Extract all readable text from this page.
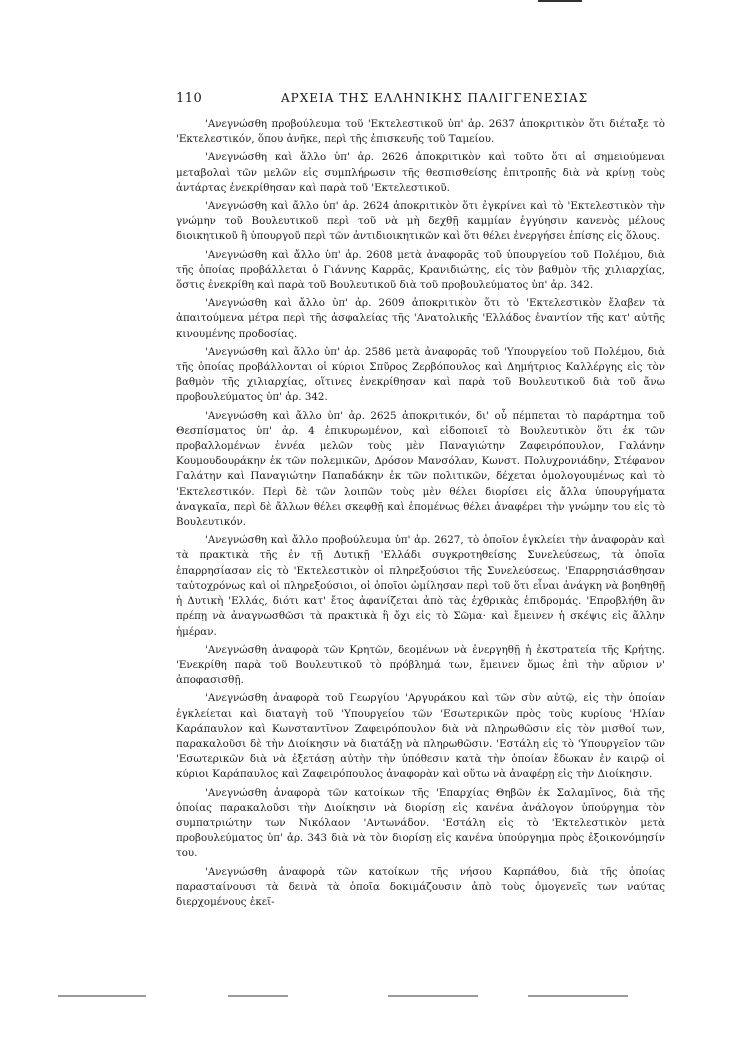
110	ΑΡΧΕΙΑ ΤΗΣ ΕΛΛΗΝΙΚΗΣ ΠΑΛΙΓΓΕΝΕΣΙΑΣ

'Ανεγνώσθη προβούλευμα τοῦ 'Εκτελεστικοῦ ὑπ' ἀρ. 2637 ἀποκριτικὸν ὅτι διέταξε τὸ 'Εκτελεστικόν, ὅπου ἀνῆκε, περὶ τῆς ἐπισκευῆς τοῦ Ταμείου.

'Ανεγνώσθη καὶ ἄλλο ὑπ' ἀρ. 2626 ἀποκριτικὸν καὶ τοῦτο ὅτι αἱ σημειούμεναι μεταβολαὶ τῶν μελῶν εἰς συμπλήρωσιν τῆς θεσπισθείσης ἐπιτροπῆς διὰ νὰ κρίνῃ τοὺς ἀντάρτας ἐνεκρίθησαν καὶ παρὰ τοῦ 'Εκτελεστικοῦ.

'Ανεγνώσθη καὶ ἄλλο ὑπ' ἀρ. 2624 ἀποκριτικὸν ὅτι ἐγκρίνει καὶ τὸ 'Εκτελεστικὸν τὴν γνώμην τοῦ Βουλευτικοῦ περὶ τοῦ νὰ μὴ δεχθῇ καμμίαν ἐγγύησιν κανενὸς μέλους διοικητικοῦ ἢ ὑπουργοῦ περὶ τῶν ἀντιδιοικητικῶν καὶ ὅτι θέλει ἐνεργήσει ἐπίσης εἰς ὅλους.

'Ανεγνώσθη καὶ ἄλλο ὑπ' ἀρ. 2608 μετὰ ἀναφορᾶς τοῦ ὑπουργείου τοῦ Πολέμου, διὰ τῆς ὁποίας προβάλλεται ὁ Γιάννης Καρρᾶς, Κρανιδιώτης, εἰς τὸν βαθμὸν τῆς χιλιαρχίας, ὅστις ἐνεκρίθη καὶ παρὰ τοῦ Βουλευτικοῦ διὰ τοῦ προβουλεύματος ὑπ' ἀρ. 342.

'Ανεγνώσθη καὶ ἄλλο ὑπ' ἀρ. 2609 ἀποκριτικὸν ὅτι τὸ 'Εκτελεστικὸν ἔλαβεν τὰ ἀπαιτούμενα μέτρα περὶ τῆς ἀσφαλείας τῆς 'Ανατολικῆς 'Ελλάδος ἐναντίον τῆς κατ' αὐτῆς κινουμένης προδοσίας.

'Ανεγνώσθη καὶ ἄλλο ὑπ' ἀρ. 2586 μετὰ ἀναφορᾶς τοῦ 'Υπουργείου τοῦ Πολέμου, διὰ τῆς ὁποίας προβάλλονται οἱ κύριοι Σπῦρος Ζερβόπουλος καὶ Δημήτριος Καλλέργης εἰς τὸν βαθμὸν τῆς χιλιαρχίας, οἵτινες ἐνεκρίθησαν καὶ παρὰ τοῦ Βουλευτικοῦ διὰ τοῦ ἄνω προβουλεύματος ὑπ' ἀρ. 342.

'Ανεγνώσθη καὶ ἄλλο ὑπ' ἀρ. 2625 ἀποκριτικόν, δι' οὗ πέμπεται τὸ παράρτημα τοῦ Θεσπίσματος ὑπ' ἀρ. 4 ἐπικυρωμένον, καὶ εἰδοποιεῖ τὸ Βουλευτικὸν ὅτι ἐκ τῶν προβαλλομένων ἐννέα μελῶν τοὺς μὲν Παναγιώτην Ζαφειρόπουλον, Γαλάνην Κουμουδουράκην ἐκ τῶν πολεμικῶν, Δρόσον Μανσόλαν, Κωνστ. Πολυχρονιάδην, Στέφανον Γαλάτην καὶ Παναγιώτην Παπαδάκην ἐκ τῶν πολιτικῶν, δέχεται ὁμολογουμένως καὶ τὸ 'Εκτελεστικόν. Περὶ δὲ τῶν λοιπῶν τοὺς μὲν θέλει διορίσει εἰς ἄλλα ὑπουργήματα ἀναγκαῖα, περὶ δὲ ἄλλων θέλει σκεφθῇ καὶ ἑπομένως θέλει ἀναφέρει τὴν γνώμην του εἰς τὸ Βουλευτικόν.

'Ανεγνώσθη καὶ ἄλλο προβούλευμα ὑπ' ἀρ. 2627, τὸ ὁποῖον ἐγκλείει τὴν ἀναφορὰν καὶ τὰ πρακτικὰ τῆς ἐν τῇ Δυτικῇ 'Ελλάδι συγκροτηθείσης Συνελεύσεως, τὰ ὁποῖα ἐπαρρησίασαν εἰς τὸ 'Εκτελεστικὸν οἱ πληρεξούσιοι τῆς Συνελεύσεως. 'Επαρρησιάσθησαν ταὐτοχρόνως καὶ οἱ πληρεξούσιοι, οἱ ὁποῖοι ὡμίλησαν περὶ τοῦ ὅτι εἶναι ἀνάγκη νὰ βοηθηθῇ ἡ Δυτικὴ 'Ελλάς, διότι κατ' ἔτος ἀφανίζεται ἀπὸ τὰς ἐχθρικὰς ἐπιδρομάς. 'Επροβλήθη ἂν πρέπῃ νὰ ἀναγνωσθῶσι τὰ πρακτικὰ ἢ ὄχι εἰς τὸ Σῶμα· καὶ ἔμεινεν ἡ σκέψις εἰς ἄλλην ἡμέραν.

'Ανεγνώσθη ἀναφορὰ τῶν Κρητῶν, δεομένων νὰ ἐνεργηθῇ ἡ ἐκστρατεία τῆς Κρήτης. 'Ενεκρίθη παρὰ τοῦ Βουλευτικοῦ τὸ πρόβλημά των, ἔμεινεν ὅμως ἐπὶ τὴν αὔριον ν' ἀποφασισθῇ.

'Ανεγνώσθη ἀναφορὰ τοῦ Γεωργίου 'Αργυράκου καὶ τῶν σὺν αὐτῷ, εἰς τὴν ὁποίαν ἐγκλείεται καὶ διαταγὴ τοῦ 'Υπουργείου τῶν 'Εσωτερικῶν πρὸς τοὺς κυρίους 'Ηλίαν Καράπαυλον καὶ Κωνσταντῖνον Ζαφειρόπουλον διὰ νὰ πληρωθῶσιν εἰς τὸν μισθοί των, παρακαλοῦσι δὲ τὴν Διοίκησιν νὰ διατάξῃ νὰ πληρωθῶσιν. 'Εστάλη εἰς τὸ 'Υπουργεῖον τῶν 'Εσωτερικῶν διὰ νὰ ἐξετάσῃ αὐτὴν τὴν ὑπόθεσιν κατὰ τὴν ὁποίαν ἔδωκαν ἐν καιρῷ οἱ κύριοι Καράπαυλος καὶ Ζαφειρόπουλος ἀναφορὰν καὶ οὕτω νὰ ἀναφέρῃ εἰς τὴν Διοίκησιν.

'Ανεγνώσθη ἀναφορὰ τῶν κατοίκων τῆς 'Επαρχίας Θηβῶν ἐκ Σαλαμῖνος, διὰ τῆς ὁποίας παρακαλοῦσι τὴν Διοίκησιν νὰ διορίσῃ εἰς κανένα ἀνάλογον ὑπούργημα τὸν συμπατριώτην των Νικόλαον 'Αντωνάδον. 'Εστάλη εἰς τὸ 'Εκτελεστικὸν μετὰ προβουλεύματος ὑπ' ἀρ. 343 διὰ νὰ τὸν διορίσῃ εἰς κανένα ὑπούργημα πρὸς ἐξοικονόμησίν του.

'Ανεγνώσθη ἀναφορὰ τῶν κατοίκων τῆς νήσου Καρπάθου, διὰ τῆς ὁποίας παρασταίνουσι τὰ δεινὰ τὰ ὁποῖα δοκιμάζουσιν ἀπὸ τοὺς ὁμογενεῖς των ναύτας διερχομένους ἐκεῖ-
